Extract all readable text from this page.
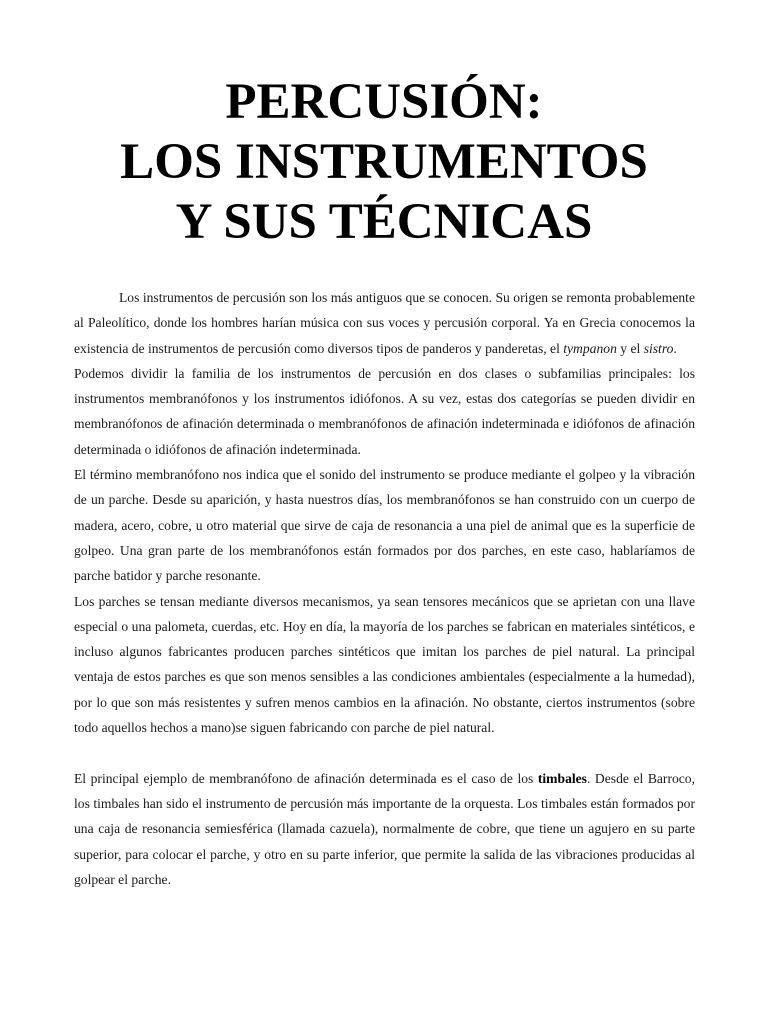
PERCUSIÓN:
LOS INSTRUMENTOS
Y SUS TÉCNICAS

Los instrumentos de percusión son los más antiguos que se conocen. Su origen se remonta probablemente al Paleolítico, donde los hombres harían música con sus voces y percusión corporal. Ya en Grecia conocemos la existencia de instrumentos de percusión como diversos tipos de panderos y panderetas, el tympanon y el sistro.

Podemos dividir la familia de los instrumentos de percusión en dos clases o subfamilias principales: los instrumentos membranófonos y los instrumentos idiófonos. A su vez, estas dos categorías se pueden dividir en membranófonos de afinación determinada o membranófonos de afinación indeterminada e idiófonos de afinación determinada o idiófonos de afinación indeterminada.

El término membranófono nos indica que el sonido del instrumento se produce mediante el golpeo y la vibración de un parche. Desde su aparición, y hasta nuestros días, los membranófonos se han construido con un cuerpo de madera, acero, cobre, u otro material que sirve de caja de resonancia a una piel de animal que es la superficie de golpeo. Una gran parte de los membranófonos están formados por dos parches, en este caso, hablaríamos de parche batidor y parche resonante.

Los parches se tensan mediante diversos mecanismos, ya sean tensores mecánicos que se aprietan con una llave especial o una palometa, cuerdas, etc. Hoy en día, la mayoría de los parches se fabrican en materiales sintéticos, e incluso algunos fabricantes producen parches sintéticos que imitan los parches de piel natural. La principal ventaja de estos parches es que son menos sensibles a las condiciones ambientales (especialmente a la humedad), por lo que son más resistentes y sufren menos cambios en la afinación. No obstante, ciertos instrumentos (sobre todo aquellos hechos a mano)se siguen fabricando con parche de piel natural.

El principal ejemplo de membranófono de afinación determinada es el caso de los timbales. Desde el Barroco, los timbales han sido el instrumento de percusión más importante de la orquesta. Los timbales están formados por una caja de resonancia semiesférica (llamada cazuela), normalmente de cobre, que tiene un agujero en su parte superior, para colocar el parche, y otro en su parte inferior, que permite la salida de las vibraciones producidas al golpear el parche.
